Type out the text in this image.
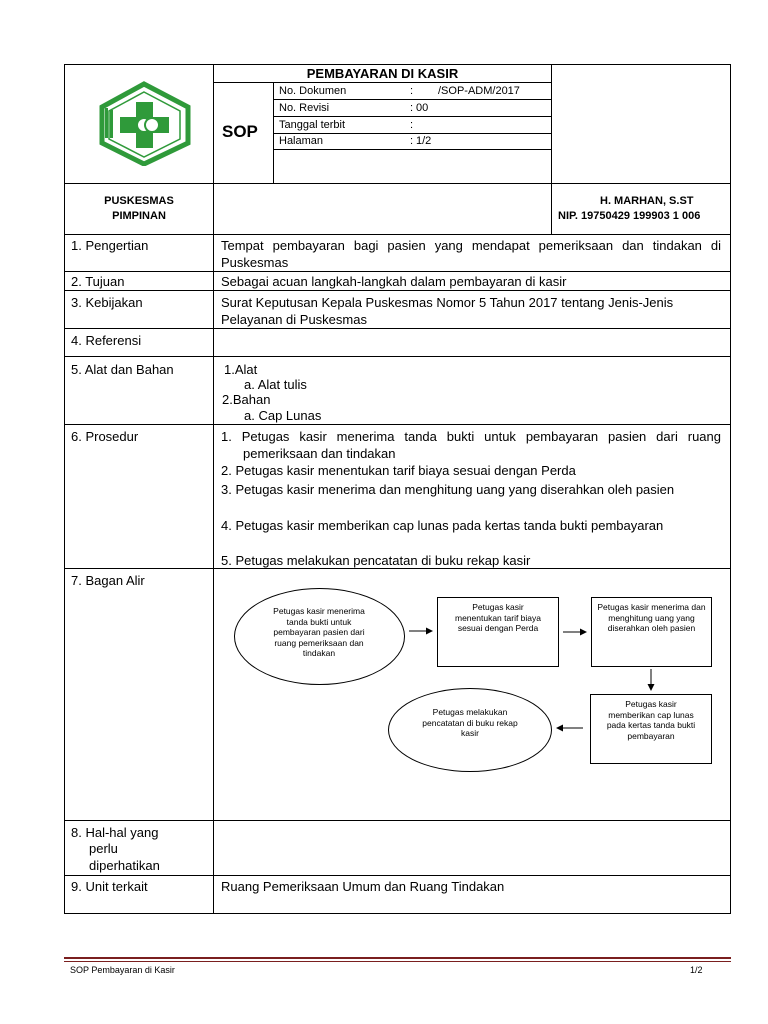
PEMBAYARAN DI KASIR
SOP
No. Dokumen	: /SOP-ADM/2017
No. Revisi	: 00
Tanggal terbit	:
Halaman	: 1/2
PUSKESMAS
PIMPINAN
H. MARHAN, S.ST
NIP. 19750429 199903 1 006
1. Pengertian	Tempat pembayaran bagi pasien yang mendapat pemeriksaan dan tindakan di Puskesmas
2. Tujuan	Sebagai acuan langkah-langkah dalam pembayaran di kasir
3. Kebijakan	Surat Keputusan Kepala Puskesmas Nomor 5 Tahun 2017 tentang Jenis-Jenis Pelayanan di Puskesmas
4. Referensi
5. Alat dan Bahan	1.Alat
a. Alat tulis
2.Bahan
a. Cap Lunas
6. Prosedur	1. Petugas kasir menerima tanda bukti untuk pembayaran pasien dari ruang pemeriksaan dan tindakan
2. Petugas kasir menentukan tarif biaya sesuai dengan Perda
3. Petugas kasir menerima dan menghitung uang yang diserahkan oleh pasien
4. Petugas kasir memberikan cap lunas pada kertas tanda bukti pembayaran
5. Petugas melakukan pencatatan di buku rekap kasir
7. Bagan Alir
8. Hal-hal yang
perlu
diperhatikan
9. Unit terkait	Ruang Pemeriksaan Umum dan Ruang Tindakan
Petugas kasir menerima tanda bukti untuk pembayaran pasien dari ruang pemeriksaan dan tindakan
Petugas kasir menentukan tarif biaya sesuai dengan Perda
Petugas kasir menerima dan menghitung uang yang diserahkan oleh pasien
Petugas kasir memberikan cap lunas pada kertas tanda bukti pembayaran
Petugas melakukan pencatatan di buku rekap kasir
SOP Pembayaran di Kasir	1/2
